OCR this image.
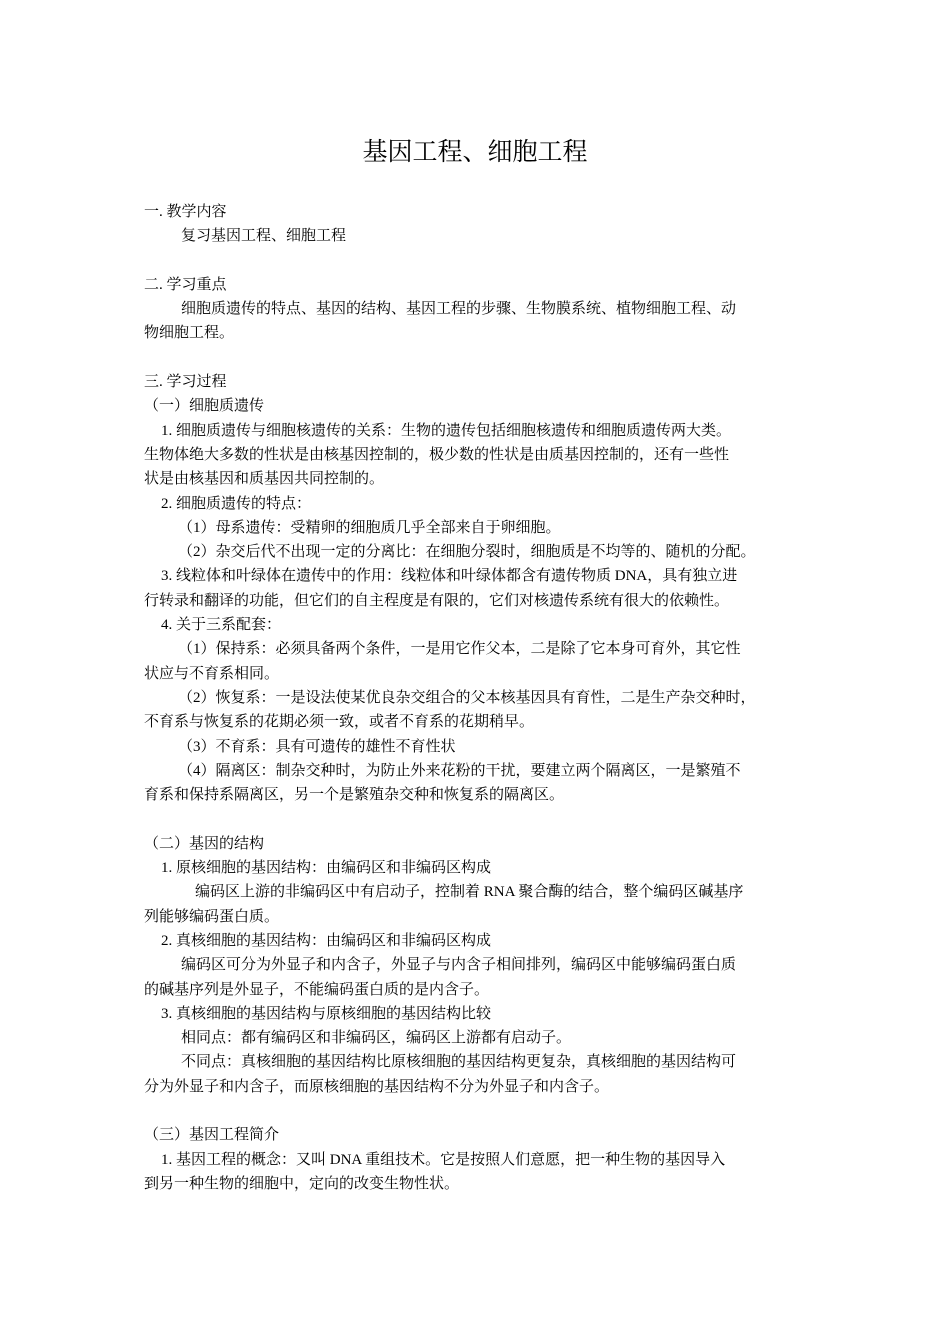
基因工程、细胞工程
一. 教学内容
复习基因工程、细胞工程
二. 学习重点
细胞质遗传的特点、基因的结构、基因工程的步骤、生物膜系统、植物细胞工程、动
物细胞工程。
三. 学习过程
（一）细胞质遗传
1. 细胞质遗传与细胞核遗传的关系：生物的遗传包括细胞核遗传和细胞质遗传两大类。
生物体绝大多数的性状是由核基因控制的，极少数的性状是由质基因控制的，还有一些性
状是由核基因和质基因共同控制的。
2. 细胞质遗传的特点：
（1）母系遗传：受精卵的细胞质几乎全部来自于卵细胞。
（2）杂交后代不出现一定的分离比：在细胞分裂时，细胞质是不均等的、随机的分配。
3. 线粒体和叶绿体在遗传中的作用：线粒体和叶绿体都含有遗传物质 DNA，具有独立进
行转录和翻译的功能，但它们的自主程度是有限的，它们对核遗传系统有很大的依赖性。
4. 关于三系配套：
（1）保持系：必须具备两个条件，一是用它作父本，二是除了它本身可育外，其它性
状应与不育系相同。
（2）恢复系：一是设法使某优良杂交组合的父本核基因具有育性，二是生产杂交种时，
不育系与恢复系的花期必须一致，或者不育系的花期稍早。
（3）不育系：具有可遗传的雄性不育性状
（4）隔离区：制杂交种时，为防止外来花粉的干扰，要建立两个隔离区，一是繁殖不
育系和保持系隔离区，另一个是繁殖杂交种和恢复系的隔离区。
（二）基因的结构
1. 原核细胞的基因结构：由编码区和非编码区构成
编码区上游的非编码区中有启动子，控制着 RNA 聚合酶的结合，整个编码区碱基序
列能够编码蛋白质。
2. 真核细胞的基因结构：由编码区和非编码区构成
编码区可分为外显子和内含子，外显子与内含子相间排列，编码区中能够编码蛋白质
的碱基序列是外显子，不能编码蛋白质的是内含子。
3. 真核细胞的基因结构与原核细胞的基因结构比较
相同点：都有编码区和非编码区，编码区上游都有启动子。
不同点：真核细胞的基因结构比原核细胞的基因结构更复杂，真核细胞的基因结构可
分为外显子和内含子，而原核细胞的基因结构不分为外显子和内含子。
（三）基因工程简介
1. 基因工程的概念：又叫 DNA 重组技术。它是按照人们意愿，把一种生物的基因导入
到另一种生物的细胞中，定向的改变生物性状。
